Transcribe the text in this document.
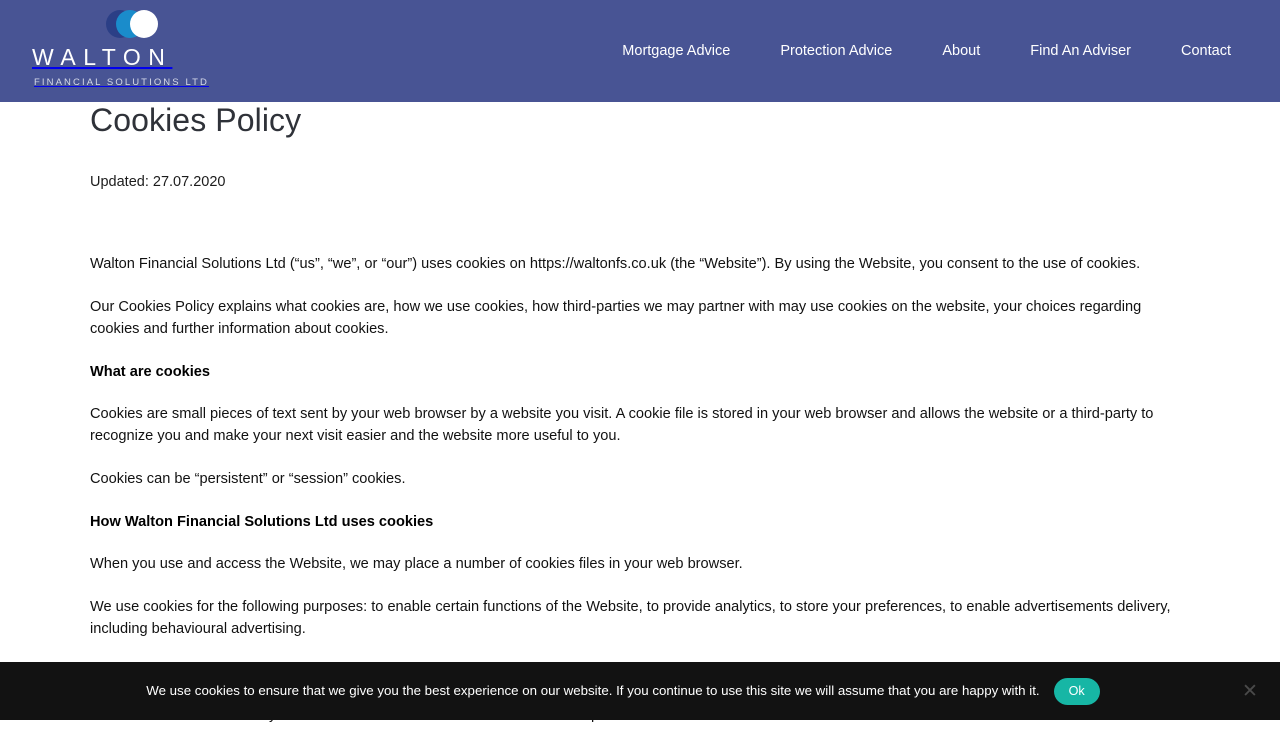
WALTON
FINANCIAL SOLUTIONS LTD
Mortgage Advice	Protection Advice	About	Find An Adviser	Contact
Cookies Policy
Updated: 27.07.2020

Walton Financial Solutions Ltd (“us”, “we”, or “our”) uses cookies on https://waltonfs.co.uk (the “Website”). By using the Website, you consent to the use of cookies.

Our Cookies Policy explains what cookies are, how we use cookies, how third-parties we may partner with may use cookies on the website, your choices regarding cookies and further information about cookies.

What are cookies

Cookies are small pieces of text sent by your web browser by a website you visit. A cookie file is stored in your web browser and allows the website or a third-party to recognize you and make your next visit easier and the website more useful to you.

Cookies can be “persistent” or “session” cookies.

How Walton Financial Solutions Ltd uses cookies

When you use and access the Website, we may place a number of cookies files in your web browser.

We use cookies for the following purposes: to enable certain functions of the Website, to provide analytics, to store your preferences, to enable advertisements delivery, including behavioural advertising.

We use cookies to ensure that we give you the best experience on our website. If you continue to use this site we will assume that you are happy with it.	Ok	✕
